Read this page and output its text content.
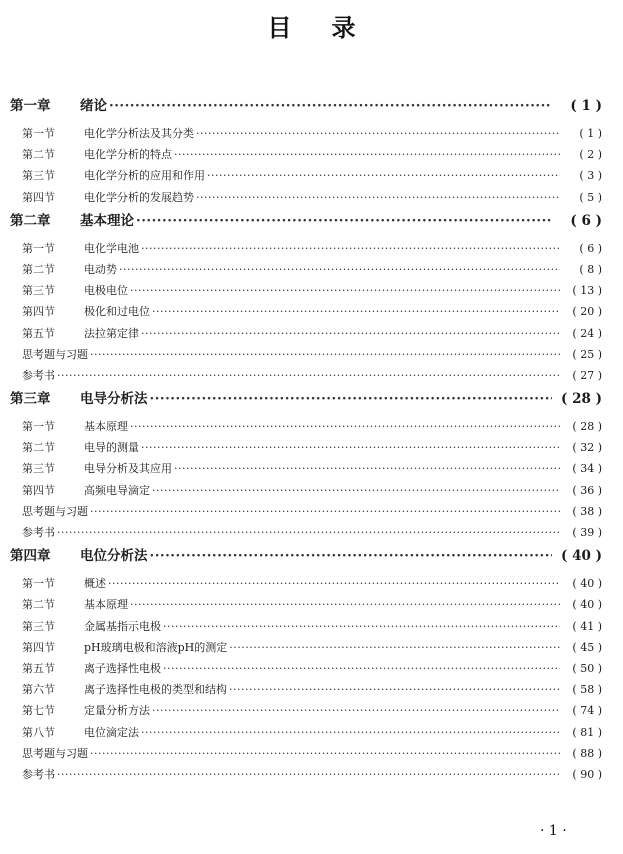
目 录
第一章	绪论 ·····	( 1 )
第一节	电化学分析法及其分类 ·····	( 1 )
第二节	电化学分析的特点 ·····	( 2 )
第三节	电化学分析的应用和作用 ·····	( 3 )
第四节	电化学分析的发展趋势 ·····	( 5 )
第二章	基本理论 ·····	( 6 )
第一节	电化学电池 ·····	( 6 )
第二节	电动势 ·····	( 8 )
第三节	电极电位 ·····	( 13 )
第四节	极化和过电位 ·····	( 20 )
第五节	法拉第定律 ·····	( 24 )
思考题与习题 ·····	( 25 )
参考书 ·····	( 27 )
第三章	电导分析法 ·····	( 28 )
第一节	基本原理 ·····	( 28 )
第二节	电导的测量 ·····	( 32 )
第三节	电导分析及其应用 ·····	( 34 )
第四节	高频电导滴定 ·····	( 36 )
思考题与习题 ·····	( 38 )
参考书 ·····	( 39 )
第四章	电位分析法 ·····	( 40 )
第一节	概述 ·····	( 40 )
第二节	基本原理 ·····	( 40 )
第三节	金属基指示电极 ·····	( 41 )
第四节	pH玻璃电极和溶液pH的测定 ·····	( 45 )
第五节	离子选择性电极 ·····	( 50 )
第六节	离子选择性电极的类型和结构 ·····	( 58 )
第七节	定量分析方法 ·····	( 74 )
第八节	电位滴定法 ·····	( 81 )
思考题与习题 ·····	( 88 )
参考书 ·····	( 90 )
· 1 ·
